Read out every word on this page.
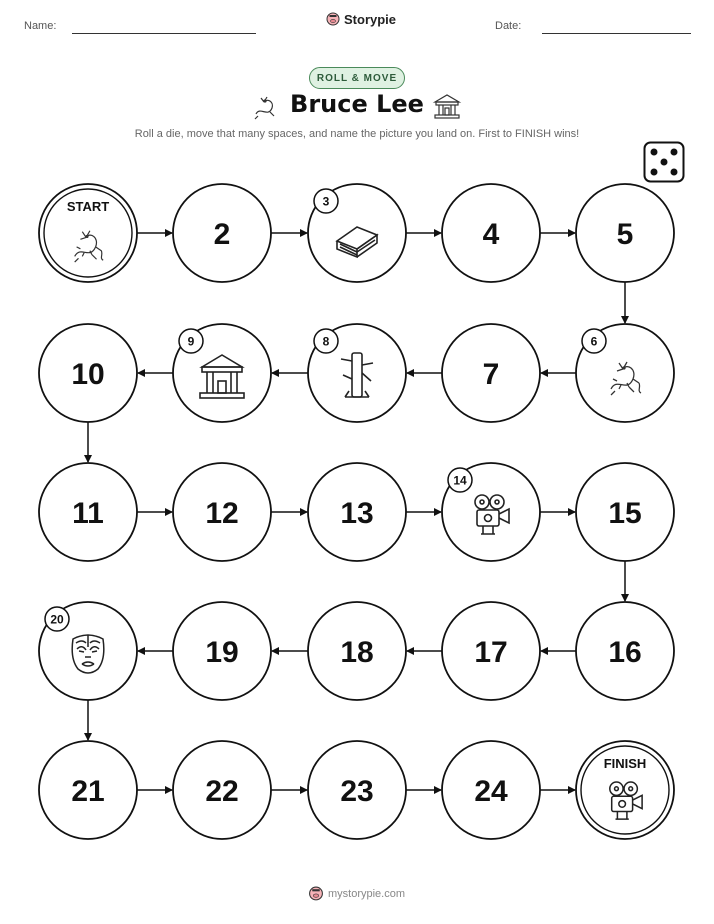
Name:	Storypie	Date:
ROLL & MOVE
Bruce Lee
Roll a die, move that many spaces, and name the picture you land on. First to FINISH wins!
START
2
3
4	5
6
7
8
9
10
11	12	13
14
15
16
17
18
19
20
21	22	23	24
FINISH
mystorypie.com
